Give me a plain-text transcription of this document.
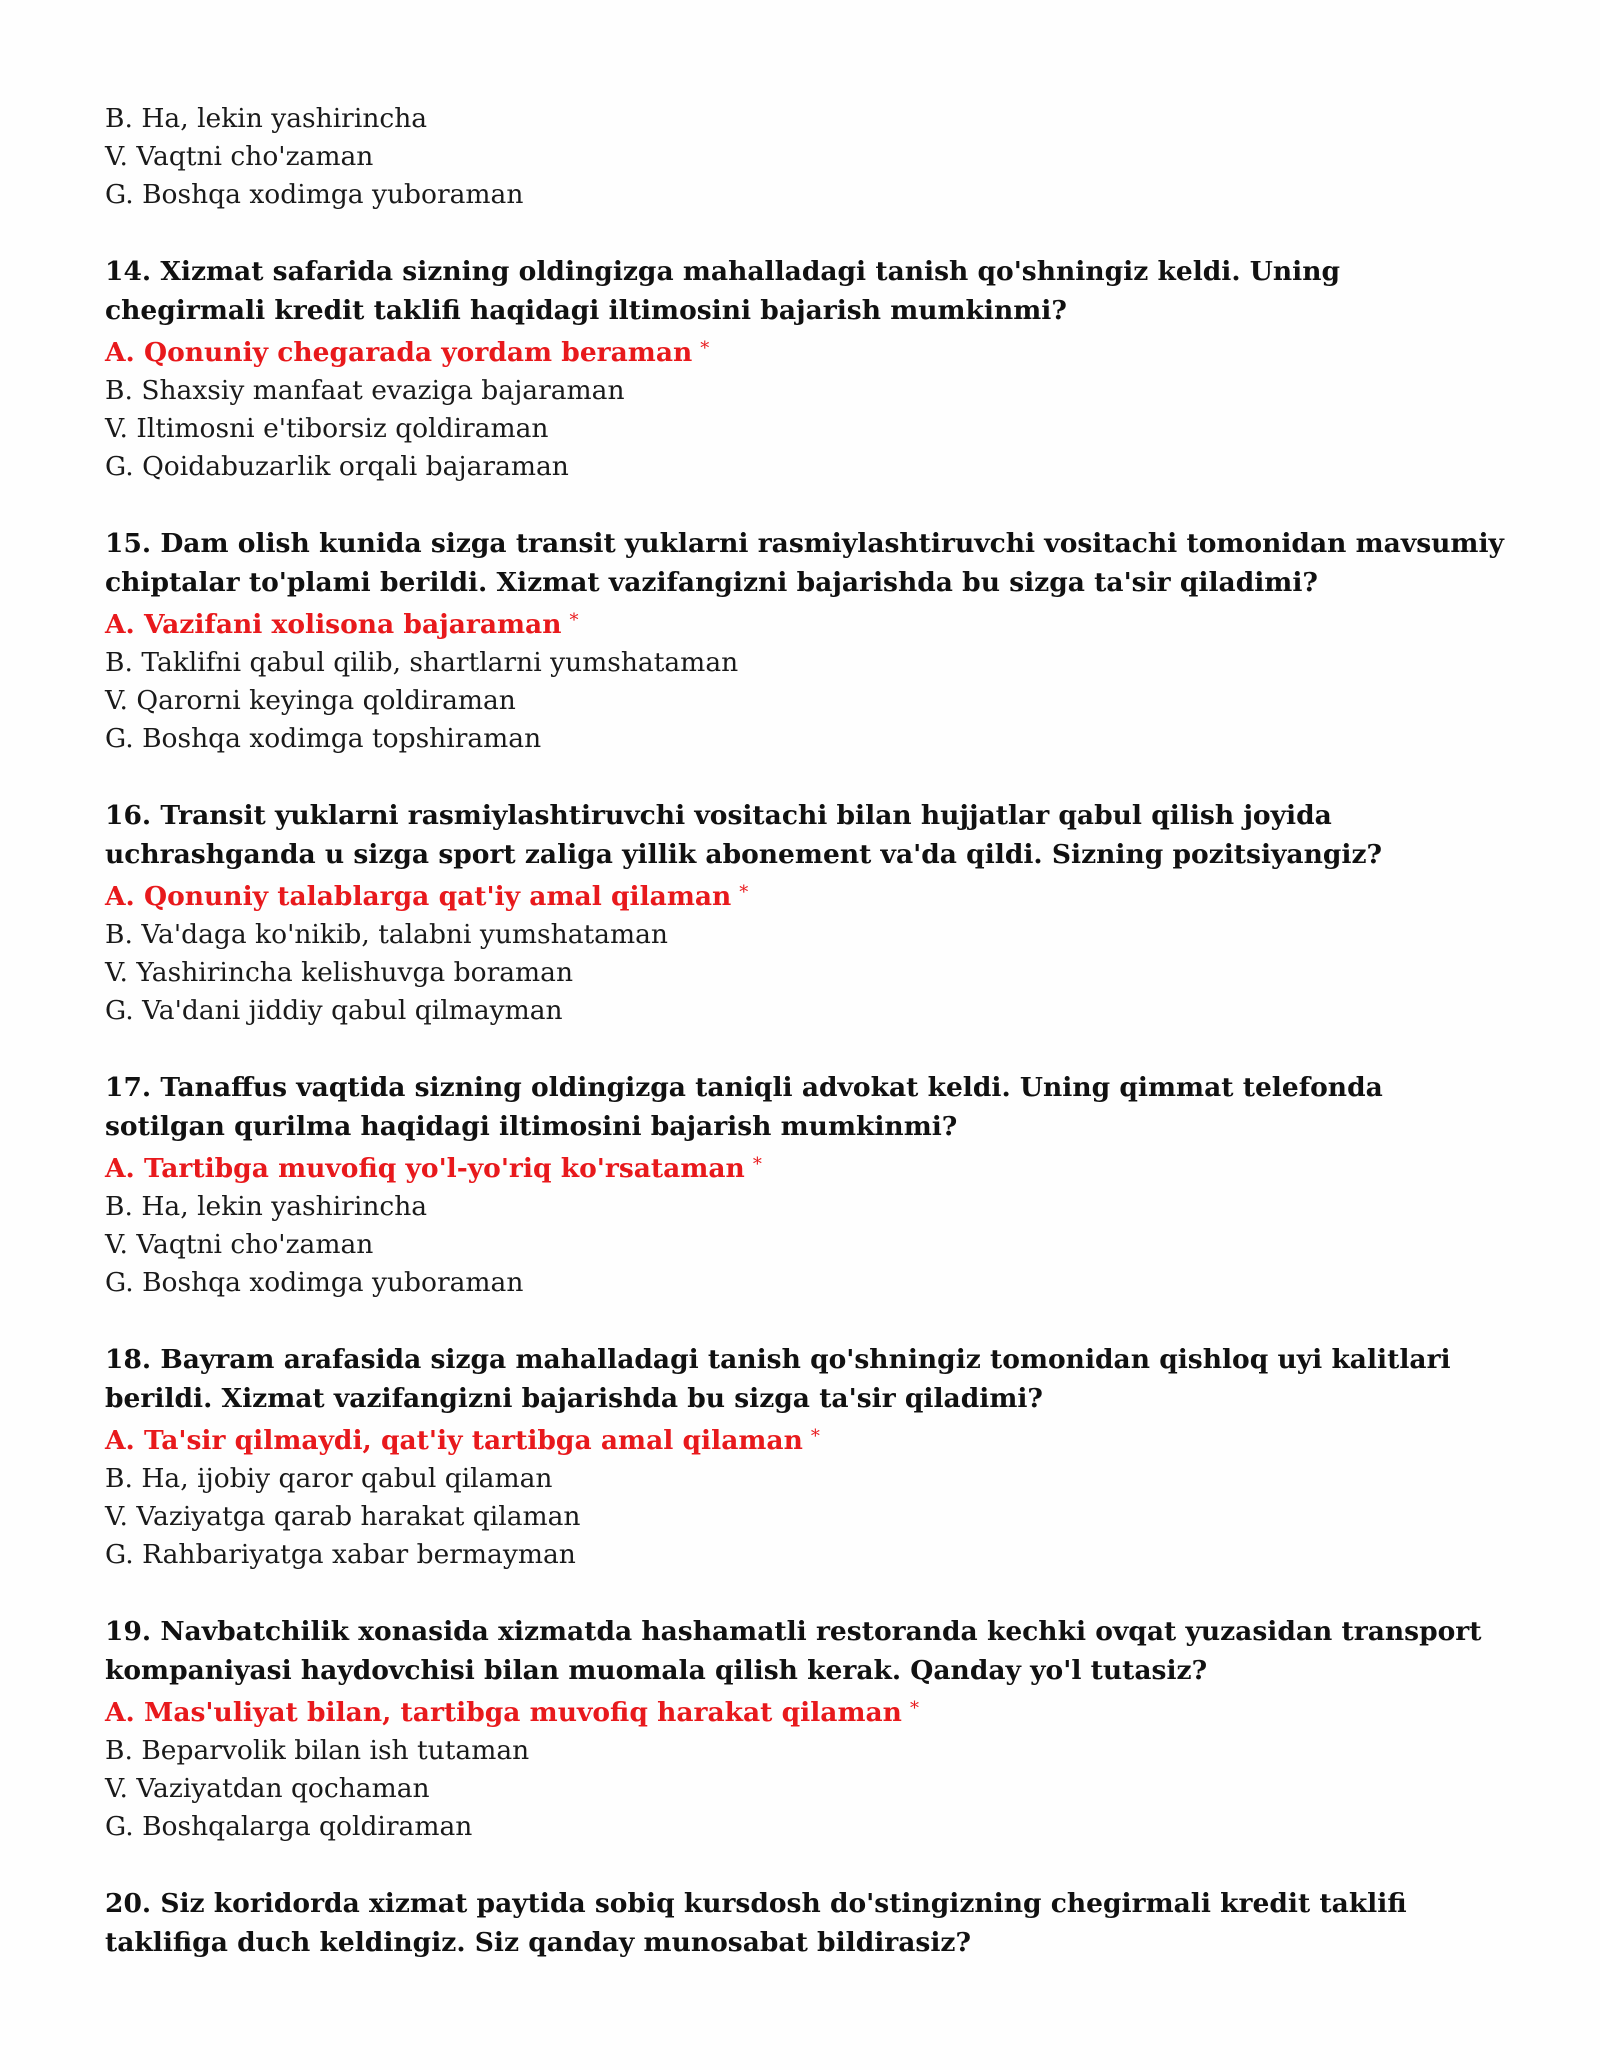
B. Ha, lekin yashirincha
V. Vaqtni cho'zaman
G. Boshqa xodimga yuboraman
14. Xizmat safarida sizning oldingizga mahalladagi tanish qo'shningiz keldi. Uning chegirmali kredit taklifi haqidagi iltimosini bajarish mumkinmi?
A. Qonuniy chegarada yordam beraman *
B. Shaxsiy manfaat evaziga bajaraman
V. Iltimosni e'tiborsiz qoldiraman
G. Qoidabuzarlik orqali bajaraman
15. Dam olish kunida sizga transit yuklarni rasmiylashtiruvchi vositachi tomonidan mavsumiy chiptalar to'plami berildi. Xizmat vazifangizni bajarishda bu sizga ta'sir qiladimi?
A. Vazifani xolisona bajaraman *
B. Taklifni qabul qilib, shartlarni yumshataman
V. Qarorni keyinga qoldiraman
G. Boshqa xodimga topshiraman
16. Transit yuklarni rasmiylashtiruvchi vositachi bilan hujjatlar qabul qilish joyida uchrashganda u sizga sport zaliga yillik abonement va'da qildi. Sizning pozitsiyangiz?
A. Qonuniy talablarga qat'iy amal qilaman *
B. Va'daga ko'nikib, talabni yumshataman
V. Yashirincha kelishuvga boraman
G. Va'dani jiddiy qabul qilmayman
17. Tanaffus vaqtida sizning oldingizga taniqli advokat keldi. Uning qimmat telefonda sotilgan qurilma haqidagi iltimosini bajarish mumkinmi?
A. Tartibga muvofiq yo'l-yo'riq ko'rsataman *
B. Ha, lekin yashirincha
V. Vaqtni cho'zaman
G. Boshqa xodimga yuboraman
18. Bayram arafasida sizga mahalladagi tanish qo'shningiz tomonidan qishloq uyi kalitlari berildi. Xizmat vazifangizni bajarishda bu sizga ta'sir qiladimi?
A. Ta'sir qilmaydi, qat'iy tartibga amal qilaman *
B. Ha, ijobiy qaror qabul qilaman
V. Vaziyatga qarab harakat qilaman
G. Rahbariyatga xabar bermayman
19. Navbatchilik xonasida xizmatda hashamatli restoranda kechki ovqat yuzasidan transport kompaniyasi haydovchisi bilan muomala qilish kerak. Qanday yo'l tutasiz?
A. Mas'uliyat bilan, tartibga muvofiq harakat qilaman *
B. Beparvolik bilan ish tutaman
V. Vaziyatdan qochaman
G. Boshqalarga qoldiraman
20. Siz koridorda xizmat paytida sobiq kursdosh do'stingizning chegirmali kredit taklifi taklifiga duch keldingiz. Siz qanday munosabat bildirasiz?
